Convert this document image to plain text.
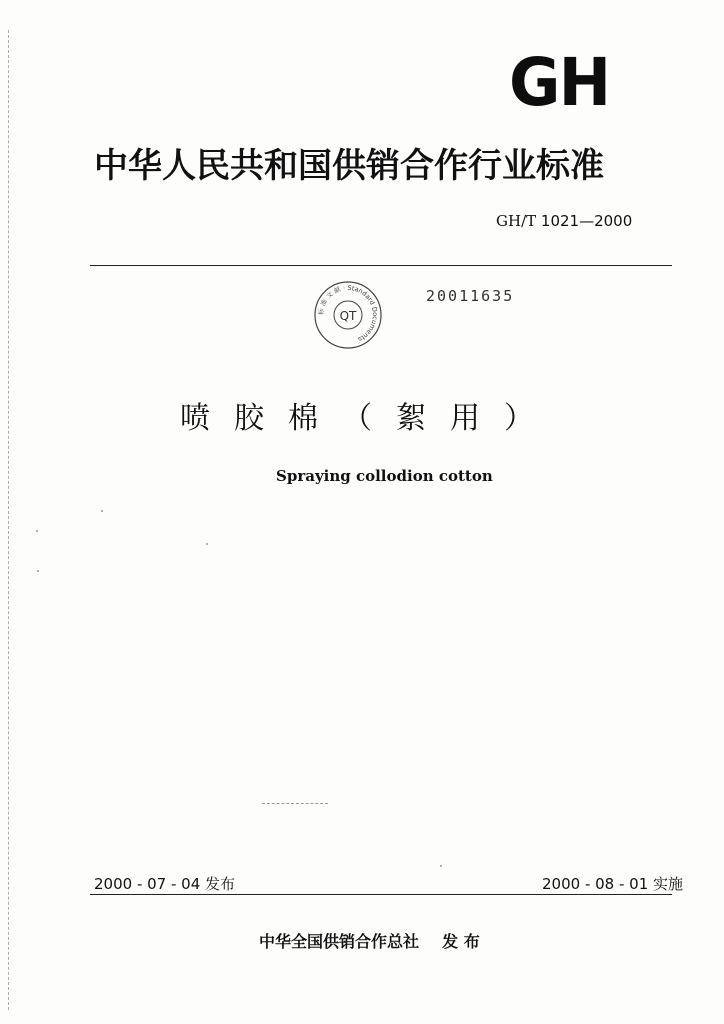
GH
中华人民共和国供销合作行业标准
GH/T 1021—2000
QT
标 准 文 献 · Standard Documents
20011635
喷 胶 棉 （ 絮 用 ）
Spraying collodion cotton
2000 - 07 - 04 发布	2000 - 08 - 01 实施
中华全国供销合作总社 发 布
